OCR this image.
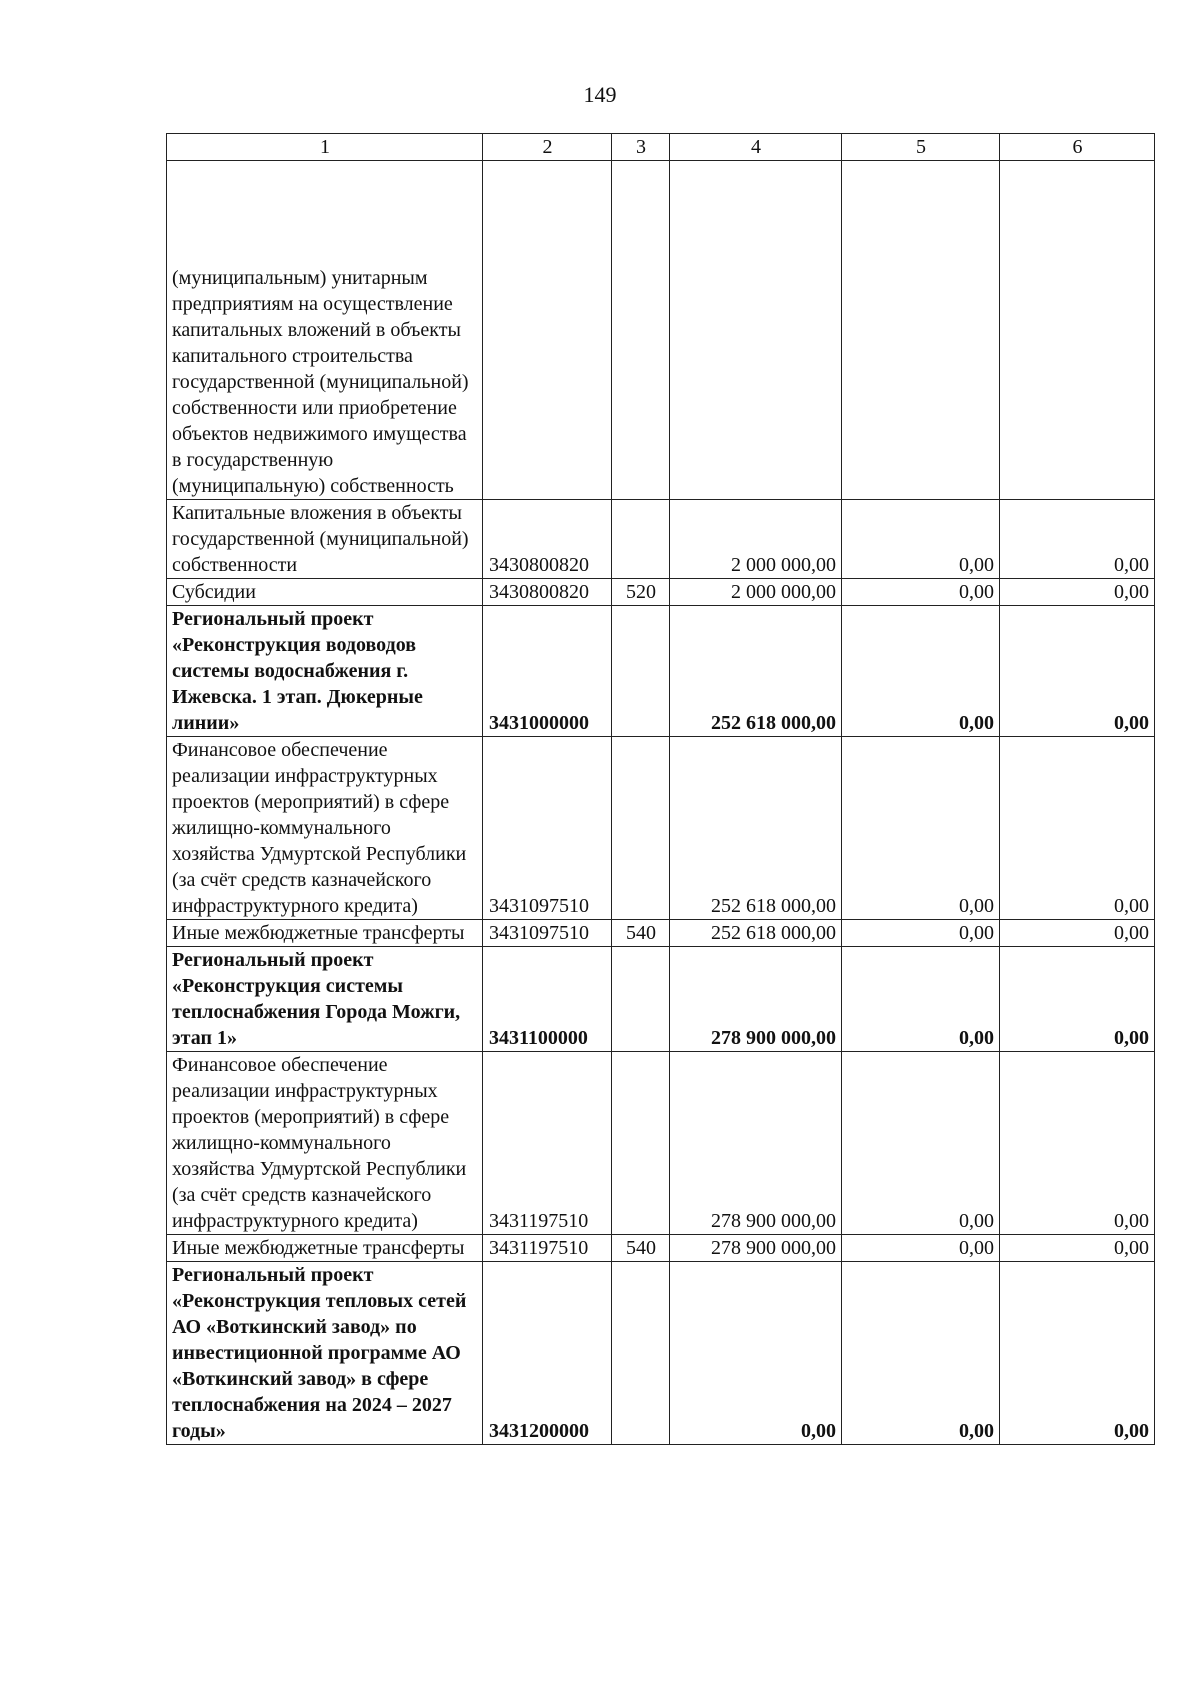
149
1	2	3	4	5	6
(муниципальным) унитарным предприятиям на осуществление капитальных вложений в объекты капитального строительства государственной (муниципальной) собственности или приобретение объектов недвижимого имущества в государственную (муниципальную) собственность					
Капитальные вложения в объекты государственной (муниципальной) собственности	3430800820		2 000 000,00	0,00	0,00
Субсидии	3430800820	520	2 000 000,00	0,00	0,00
Региональный проект «Реконструкция водоводов системы водоснабжения г. Ижевска. 1 этап. Дюкерные линии»	3431000000		252 618 000,00	0,00	0,00
Финансовое обеспечение реализации инфраструктурных проектов (мероприятий) в сфере жилищно-коммунального хозяйства Удмуртской Республики (за счёт средств казначейского инфраструктурного кредита)	3431097510		252 618 000,00	0,00	0,00
Иные межбюджетные трансферты	3431097510	540	252 618 000,00	0,00	0,00
Региональный проект «Реконструкция системы теплоснабжения Города Можги, этап 1»	3431100000		278 900 000,00	0,00	0,00
Финансовое обеспечение реализации инфраструктурных проектов (мероприятий) в сфере жилищно-коммунального хозяйства Удмуртской Республики (за счёт средств казначейского инфраструктурного кредита)	3431197510		278 900 000,00	0,00	0,00
Иные межбюджетные трансферты	3431197510	540	278 900 000,00	0,00	0,00
Региональный проект «Реконструкция тепловых сетей АО «Воткинский завод» по инвестиционной программе АО «Воткинский завод» в сфере теплоснабжения на 2024 – 2027 годы»	3431200000		0,00	0,00	0,00
